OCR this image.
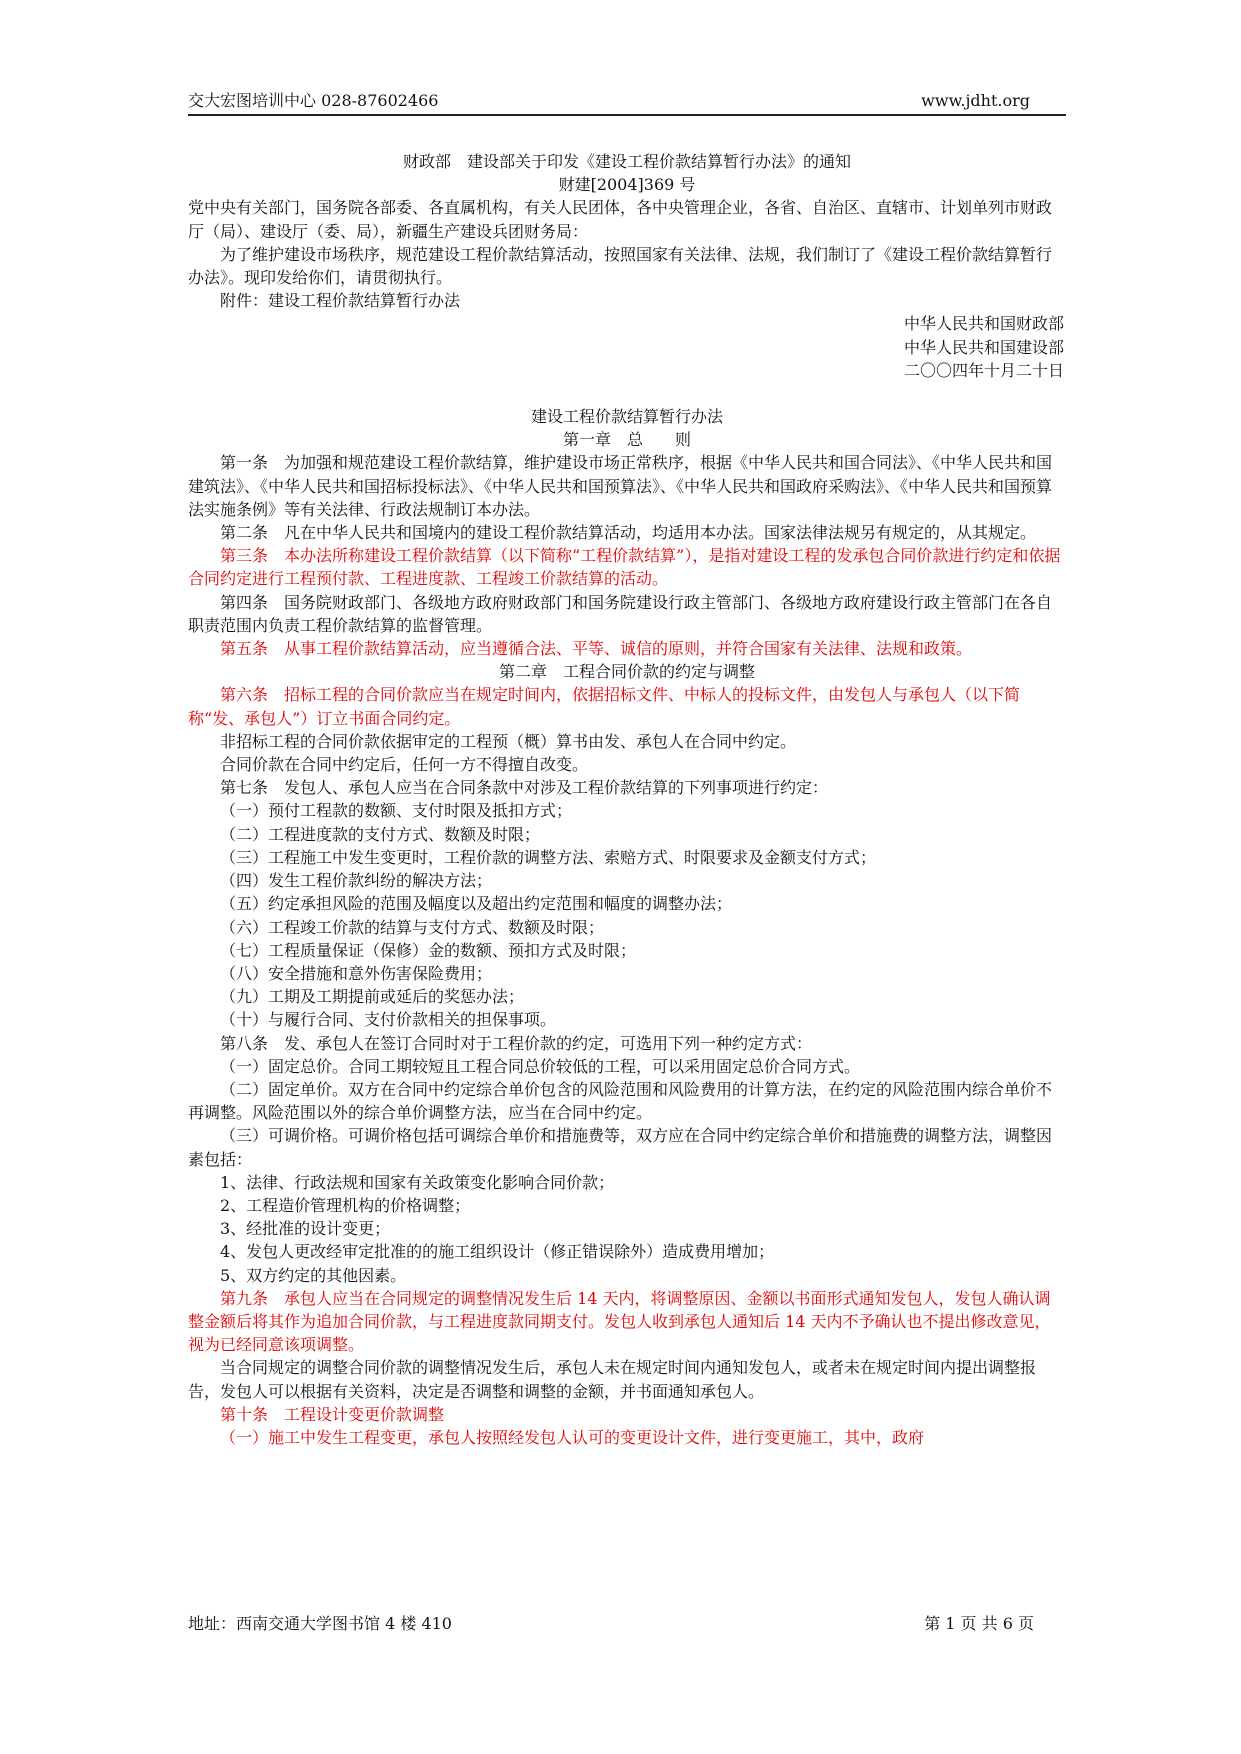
交大宏图培训中心 028-87602466	www.jdht.org

财政部　建设部关于印发《建设工程价款结算暂行办法》的通知

财建[2004]369 号

党中央有关部门，国务院各部委、各直属机构，有关人民团体，各中央管理企业，各省、自治区、直辖市、计划单列市财政厅（局）、建设厅（委、局），新疆生产建设兵团财务局：

为了维护建设市场秩序，规范建设工程价款结算活动，按照国家有关法律、法规，我们制订了《建设工程价款结算暂行办法》。现印发给你们，请贯彻执行。

附件：建设工程价款结算暂行办法

中华人民共和国财政部

中华人民共和国建设部

二〇〇四年十月二十日

建设工程价款结算暂行办法

第一章　总　　则

第一条　为加强和规范建设工程价款结算，维护建设市场正常秩序，根据《中华人民共和国合同法》、《中华人民共和国建筑法》、《中华人民共和国招标投标法》、《中华人民共和国预算法》、《中华人民共和国政府采购法》、《中华人民共和国预算法实施条例》等有关法律、行政法规制订本办法。

第二条　凡在中华人民共和国境内的建设工程价款结算活动，均适用本办法。国家法律法规另有规定的，从其规定。

第三条　本办法所称建设工程价款结算（以下简称“工程价款结算”），是指对建设工程的发承包合同价款进行约定和依据合同约定进行工程预付款、工程进度款、工程竣工价款结算的活动。

第四条　国务院财政部门、各级地方政府财政部门和国务院建设行政主管部门、各级地方政府建设行政主管部门在各自职责范围内负责工程价款结算的监督管理。

第五条　从事工程价款结算活动，应当遵循合法、平等、诚信的原则，并符合国家有关法律、法规和政策。

第二章　工程合同价款的约定与调整

第六条　招标工程的合同价款应当在规定时间内，依据招标文件、中标人的投标文件，由发包人与承包人（以下简称“发、承包人”）订立书面合同约定。

非招标工程的合同价款依据审定的工程预（概）算书由发、承包人在合同中约定。

合同价款在合同中约定后，任何一方不得擅自改变。

第七条　发包人、承包人应当在合同条款中对涉及工程价款结算的下列事项进行约定：

（一）预付工程款的数额、支付时限及抵扣方式；

（二）工程进度款的支付方式、数额及时限；

（三）工程施工中发生变更时，工程价款的调整方法、索赔方式、时限要求及金额支付方式；

（四）发生工程价款纠纷的解决方法；

（五）约定承担风险的范围及幅度以及超出约定范围和幅度的调整办法；

（六）工程竣工价款的结算与支付方式、数额及时限；

（七）工程质量保证（保修）金的数额、预扣方式及时限；

（八）安全措施和意外伤害保险费用；

（九）工期及工期提前或延后的奖惩办法；

（十）与履行合同、支付价款相关的担保事项。

第八条　发、承包人在签订合同时对于工程价款的约定，可选用下列一种约定方式：

（一）固定总价。合同工期较短且工程合同总价较低的工程，可以采用固定总价合同方式。

（二）固定单价。双方在合同中约定综合单价包含的风险范围和风险费用的计算方法，在约定的风险范围内综合单价不再调整。风险范围以外的综合单价调整方法，应当在合同中约定。

（三）可调价格。可调价格包括可调综合单价和措施费等，双方应在合同中约定综合单价和措施费的调整方法，调整因素包括：

1、法律、行政法规和国家有关政策变化影响合同价款；

2、工程造价管理机构的价格调整；

3、经批准的设计变更；

4、发包人更改经审定批准的的施工组织设计（修正错误除外）造成费用增加；

5、双方约定的其他因素。

第九条　承包人应当在合同规定的调整情况发生后 14 天内，将调整原因、金额以书面形式通知发包人，发包人确认调整金额后将其作为追加合同价款，与工程进度款同期支付。发包人收到承包人通知后 14 天内不予确认也不提出修改意见，视为已经同意该项调整。

当合同规定的调整合同价款的调整情况发生后，承包人未在规定时间内通知发包人，或者未在规定时间内提出调整报告，发包人可以根据有关资料，决定是否调整和调整的金额，并书面通知承包人。

第十条　工程设计变更价款调整

（一）施工中发生工程变更，承包人按照经发包人认可的变更设计文件，进行变更施工，其中，政府

地址：西南交通大学图书馆 4 楼 410	第 1 页 共 6 页
